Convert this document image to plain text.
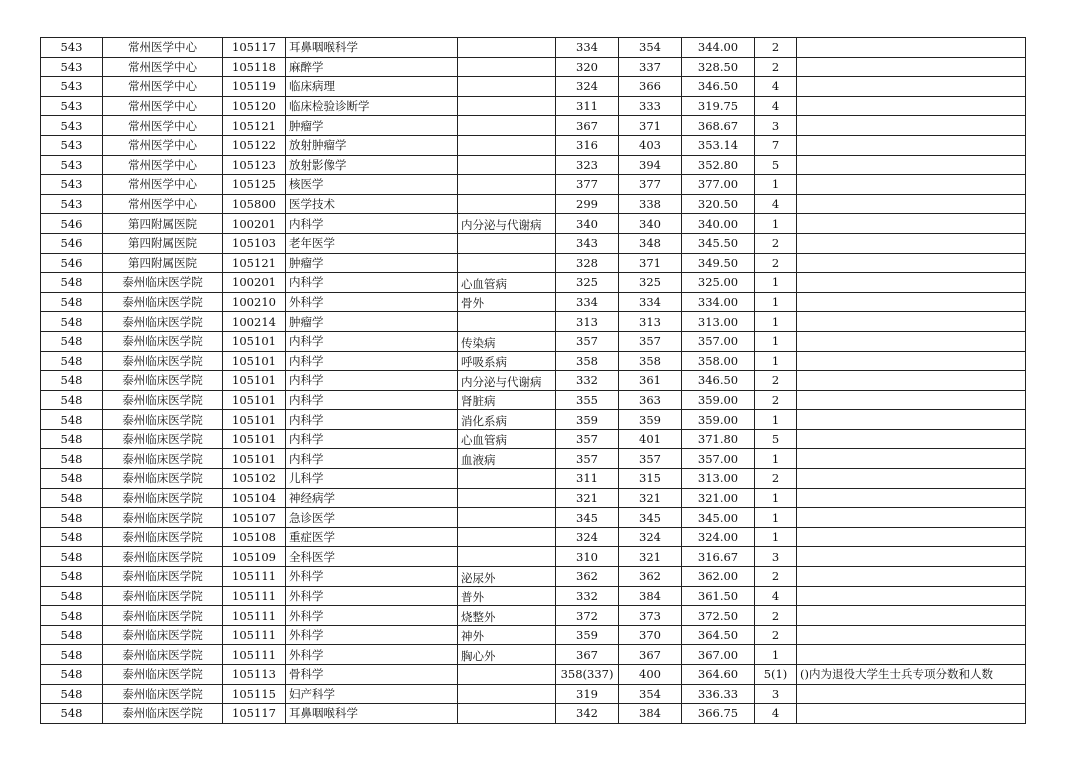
543	常州医学中心	105117	耳鼻咽喉科学		334	354	344.00	2	
543	常州医学中心	105118	麻醉学		320	337	328.50	2	
543	常州医学中心	105119	临床病理		324	366	346.50	4	
543	常州医学中心	105120	临床检验诊断学		311	333	319.75	4	
543	常州医学中心	105121	肿瘤学		367	371	368.67	3	
543	常州医学中心	105122	放射肿瘤学		316	403	353.14	7	
543	常州医学中心	105123	放射影像学		323	394	352.80	5	
543	常州医学中心	105125	核医学		377	377	377.00	1	
543	常州医学中心	105800	医学技术		299	338	320.50	4	
546	第四附属医院	100201	内科学	内分泌与代谢病	340	340	340.00	1	
546	第四附属医院	105103	老年医学		343	348	345.50	2	
546	第四附属医院	105121	肿瘤学		328	371	349.50	2	
548	泰州临床医学院	100201	内科学	心血管病	325	325	325.00	1	
548	泰州临床医学院	100210	外科学	骨外	334	334	334.00	1	
548	泰州临床医学院	100214	肿瘤学		313	313	313.00	1	
548	泰州临床医学院	105101	内科学	传染病	357	357	357.00	1	
548	泰州临床医学院	105101	内科学	呼吸系病	358	358	358.00	1	
548	泰州临床医学院	105101	内科学	内分泌与代谢病	332	361	346.50	2	
548	泰州临床医学院	105101	内科学	肾脏病	355	363	359.00	2	
548	泰州临床医学院	105101	内科学	消化系病	359	359	359.00	1	
548	泰州临床医学院	105101	内科学	心血管病	357	401	371.80	5	
548	泰州临床医学院	105101	内科学	血液病	357	357	357.00	1	
548	泰州临床医学院	105102	儿科学		311	315	313.00	2	
548	泰州临床医学院	105104	神经病学		321	321	321.00	1	
548	泰州临床医学院	105107	急诊医学		345	345	345.00	1	
548	泰州临床医学院	105108	重症医学		324	324	324.00	1	
548	泰州临床医学院	105109	全科医学		310	321	316.67	3	
548	泰州临床医学院	105111	外科学	泌尿外	362	362	362.00	2	
548	泰州临床医学院	105111	外科学	普外	332	384	361.50	4	
548	泰州临床医学院	105111	外科学	烧整外	372	373	372.50	2	
548	泰州临床医学院	105111	外科学	神外	359	370	364.50	2	
548	泰州临床医学院	105111	外科学	胸心外	367	367	367.00	1	
548	泰州临床医学院	105113	骨科学		358(337)	400	364.60	5(1)	()内为退役大学生士兵专项分数和人数
548	泰州临床医学院	105115	妇产科学		319	354	336.33	3	
548	泰州临床医学院	105117	耳鼻咽喉科学		342	384	366.75	4	
